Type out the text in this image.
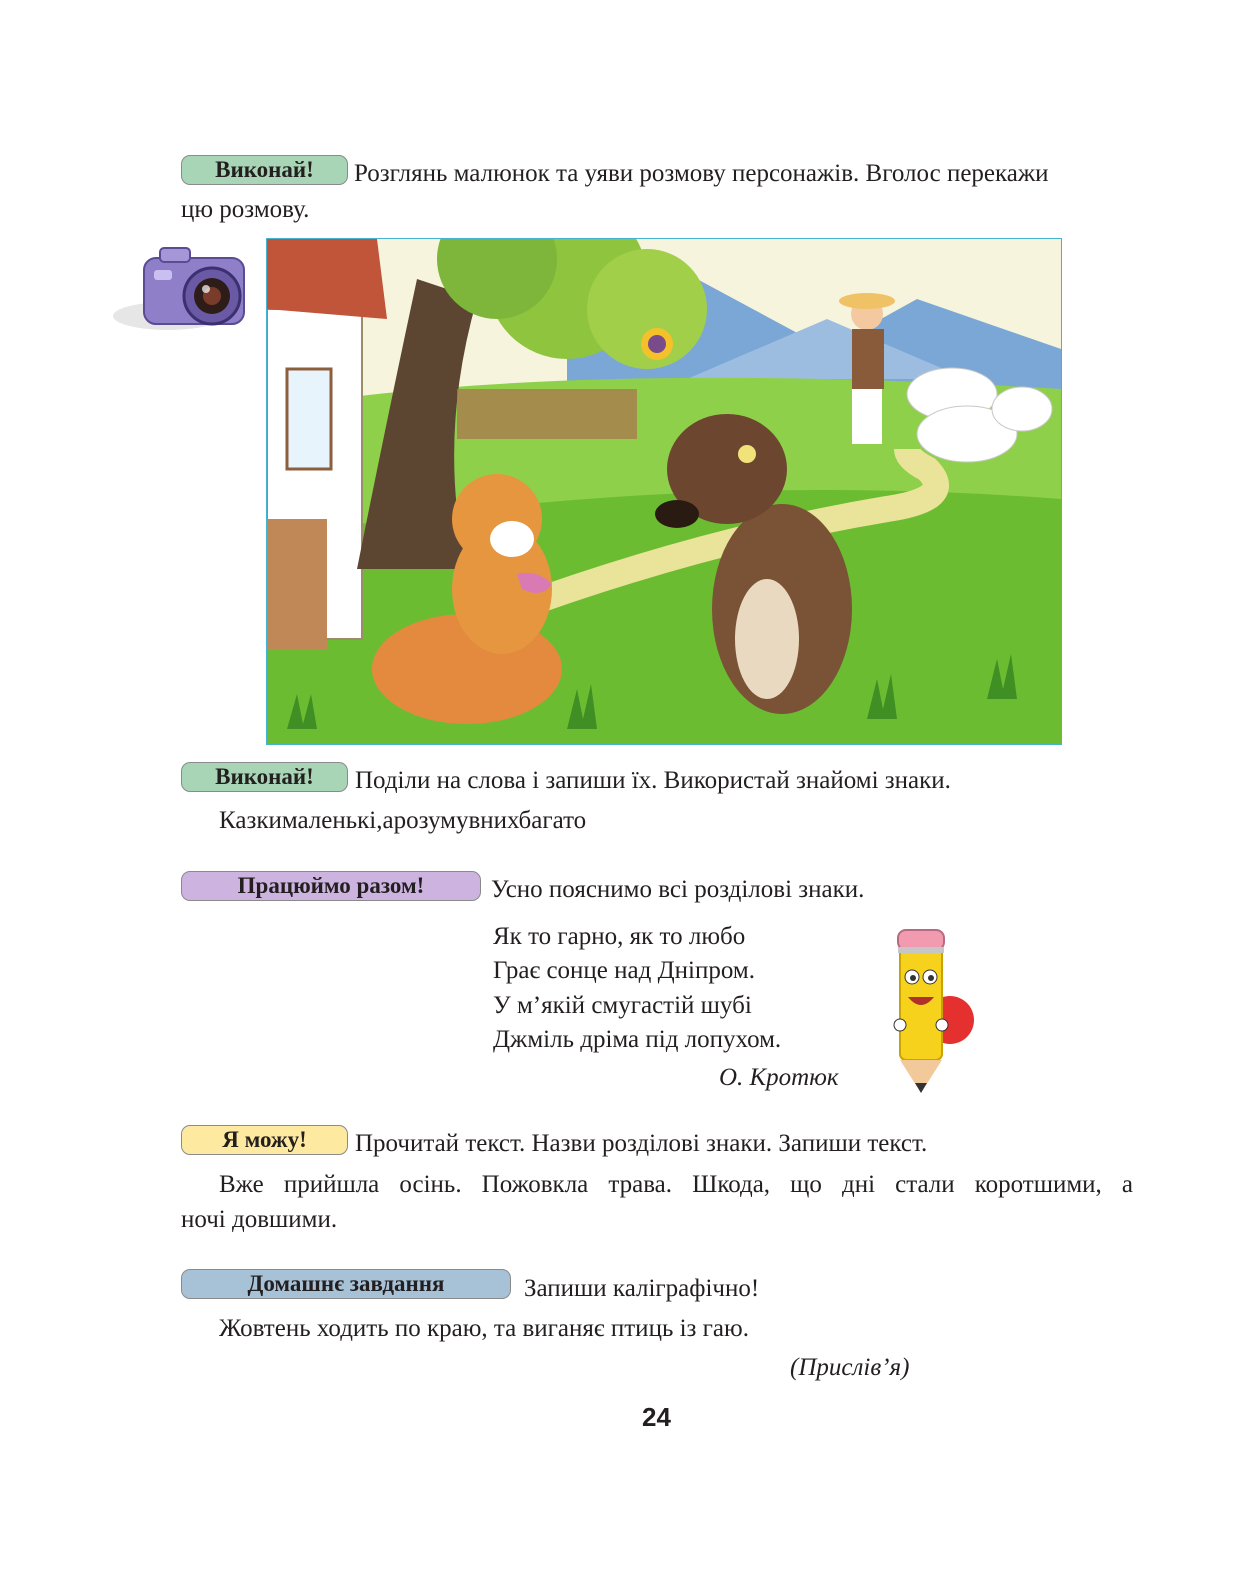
Виконай!	Розглянь малюнок та уяви розмову персонажів. Вголос перекажи
цю розмову.
Виконай!	Поділи на слова і запиши їх. Використай знайомі знаки.
Казкималенькі,арозумувнихбагато
Працюймо разом!	Усно пояснимо всі розділові знаки.
Як то гарно, як то любо
Грає сонце над Дніпром.
У м’якій смугастій шубі
Джміль дріма під лопухом.
О. Кротюк
Я можу!	Прочитай текст. Назви розділові знаки. Запиши текст.
Вже прийшла осінь. Пожовкла трава. Шкода, що дні стали коротшими, а
ночі довшими.
Домашнє завдання	Запиши каліграфічно!
Жовтень ходить по краю, та виганяє птиць із гаю.
(Прислів’я)
24
